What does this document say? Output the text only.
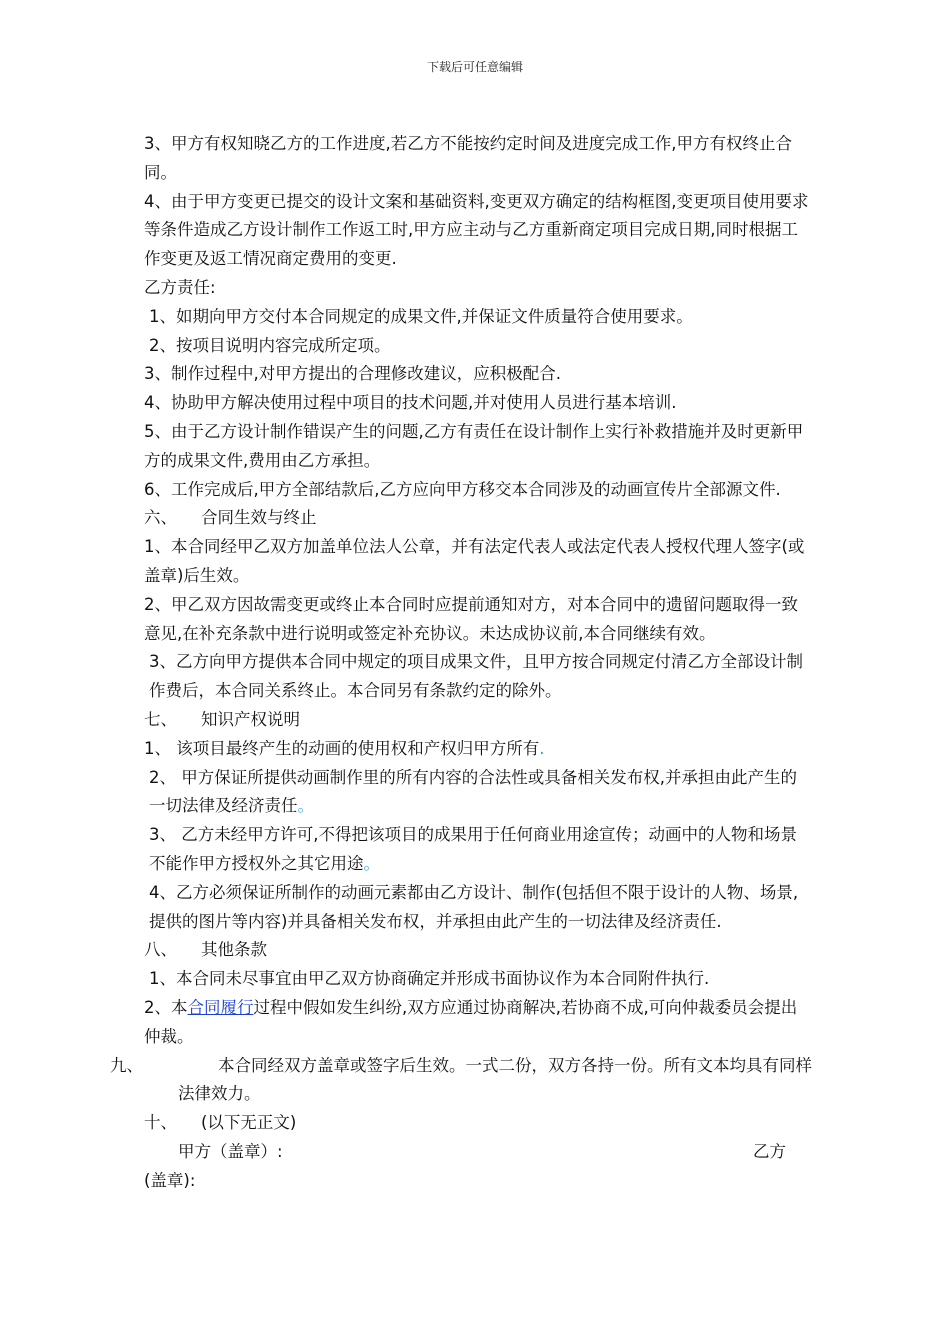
下载后可任意编辑

3、甲方有权知晓乙方的工作进度,若乙方不能按约定时间及进度完成工作,甲方有权终止合同。

4、由于甲方变更已提交的设计文案和基础资料,变更双方确定的结构框图,变更项目使用要求等条件造成乙方设计制作工作返工时,甲方应主动与乙方重新商定项目完成日期,同时根据工作变更及返工情况商定费用的变更.

乙方责任:

1、如期向甲方交付本合同规定的成果文件,并保证文件质量符合使用要求。

2、按项目说明内容完成所定项。

3、制作过程中,对甲方提出的合理修改建议，应积极配合.

4、协助甲方解决使用过程中项目的技术问题,并对使用人员进行基本培训.

5、由于乙方设计制作错误产生的问题,乙方有责任在设计制作上实行补救措施并及时更新甲方的成果文件,费用由乙方承担。

6、工作完成后,甲方全部结款后,乙方应向甲方移交本合同涉及的动画宣传片全部源文件.

六、 合同生效与终止

1、本合同经甲乙双方加盖单位法人公章，并有法定代表人或法定代表人授权代理人签字(或盖章)后生效。

2、甲乙双方因故需变更或终止本合同时应提前通知对方，对本合同中的遗留问题取得一致意见,在补充条款中进行说明或签定补充协议。未达成协议前,本合同继续有效。

3、乙方向甲方提供本合同中规定的项目成果文件，且甲方按合同规定付清乙方全部设计制作费后，本合同关系终止。本合同另有条款约定的除外。

七、 知识产权说明

1、 该项目最终产生的动画的使用权和产权归甲方所有.

2、 甲方保证所提供动画制作里的所有内容的合法性或具备相关发布权,并承担由此产生的一切法律及经济责任。

3、 乙方未经甲方许可,不得把该项目的成果用于任何商业用途宣传；动画中的人物和场景不能作甲方授权外之其它用途。

4、乙方必须保证所制作的动画元素都由乙方设计、制作(包括但不限于设计的人物、场景,提供的图片等内容)并具备相关发布权，并承担由此产生的一切法律及经济责任.

八、 其他条款

1、本合同未尽事宜由甲乙双方协商确定并形成书面协议作为本合同附件执行.

2、本合同履行过程中假如发生纠纷,双方应通过协商解决,若协商不成,可向仲裁委员会提出仲裁。

九、	本合同经双方盖章或签字后生效。一式二份，双方各持一份。所有文本均具有同样法律效力。

十、 (以下无正文)

甲方（盖章）:	乙方

(盖章):
